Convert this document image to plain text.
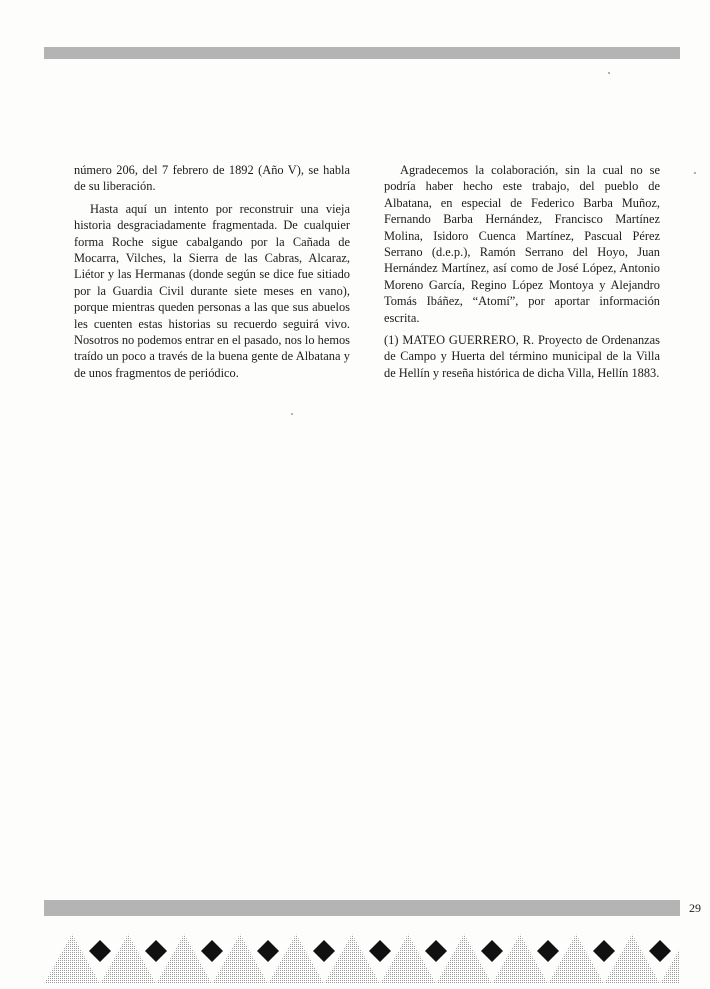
número 206, del 7 febrero de 1892 (Año V), se habla de su liberación.

Hasta aquí un intento por reconstruir una vieja historia desgraciadamente fragmentada. De cualquier forma Roche sigue cabalgando por la Cañada de Mocarra, Vilches, la Sierra de las Cabras, Alcaraz, Liétor y las Hermanas (donde según se dice fue sitiado por la Guardia Civil durante siete meses en vano), porque mientras queden personas a las que sus abuelos les cuenten estas historias su recuerdo seguirá vivo. Nosotros no podemos entrar en el pasado, nos lo hemos traído un poco a través de la buena gente de Albatana y de unos fragmentos de periódico.

Agradecemos la colaboración, sin la cual no se podría haber hecho este trabajo, del pueblo de Albatana, en especial de Federico Barba Muñoz, Fernando Barba Hernández, Francisco Martínez Molina, Isidoro Cuenca Martínez, Pascual Pérez Serrano (d.e.p.), Ramón Serrano del Hoyo, Juan Hernández Martínez, así como de José López, Antonio Moreno García, Regino López Montoya y Alejandro Tomás Ibáñez, “Atomí”, por aportar información escrita.

(1) MATEO GUERRERO, R. Proyecto de Ordenanzas de Campo y Huerta del término municipal de la Villa de Hellín y reseña histórica de dicha Villa, Hellín 1883.

29
